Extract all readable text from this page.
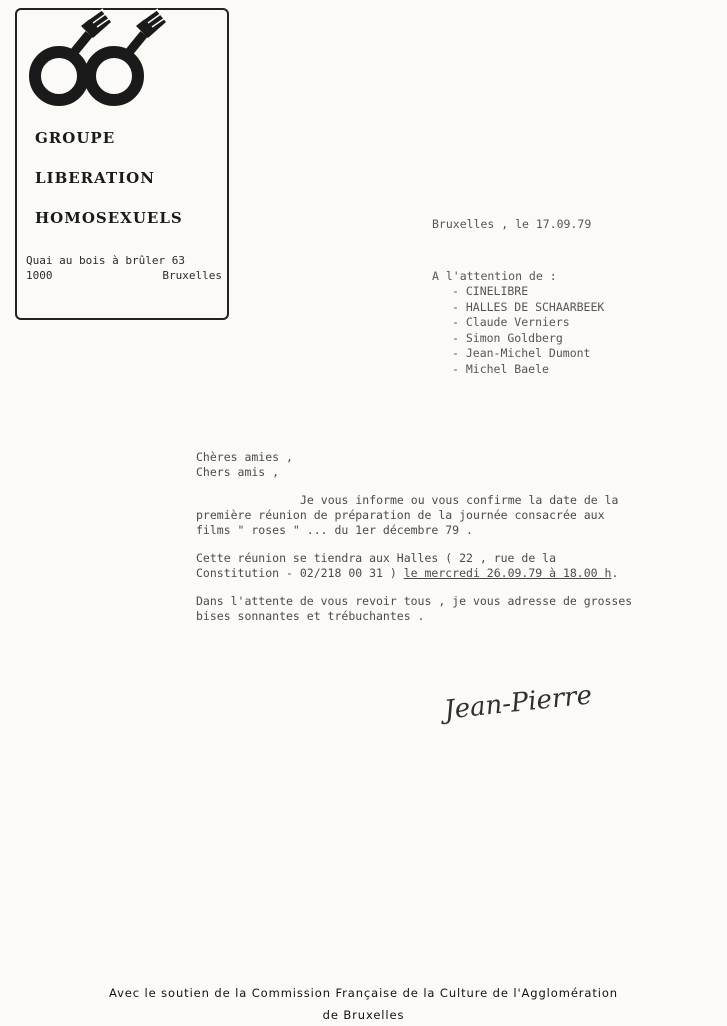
GROUPE
LIBERATION
HOMOSEXUELS
Quai au bois à brûler 63
1000	Bruxelles
Bruxelles , le 17.09.79
A l'attention de :
- CINELIBRE
- HALLES DE SCHAARBEEK
- Claude Verniers
- Simon Goldberg
- Jean-Michel Dumont
- Michel Baele
Chères amies ,
Chers amis ,

Je vous informe ou vous confirme la date de la première réunion de préparation de la journée consacrée aux films " roses " ... du 1er décembre 79 .

Cette réunion se tiendra aux Halles ( 22 , rue de la Constitution - 02/218 00 31 ) le mercredi 26.09.79 à 18.00 h.

Dans l'attente de vous revoir tous , je vous adresse de grosses bises sonnantes et trébuchantes .

Jean-Pierre
Avec le soutien de la Commission Française de la Culture de l'Agglomération
de Bruxelles
